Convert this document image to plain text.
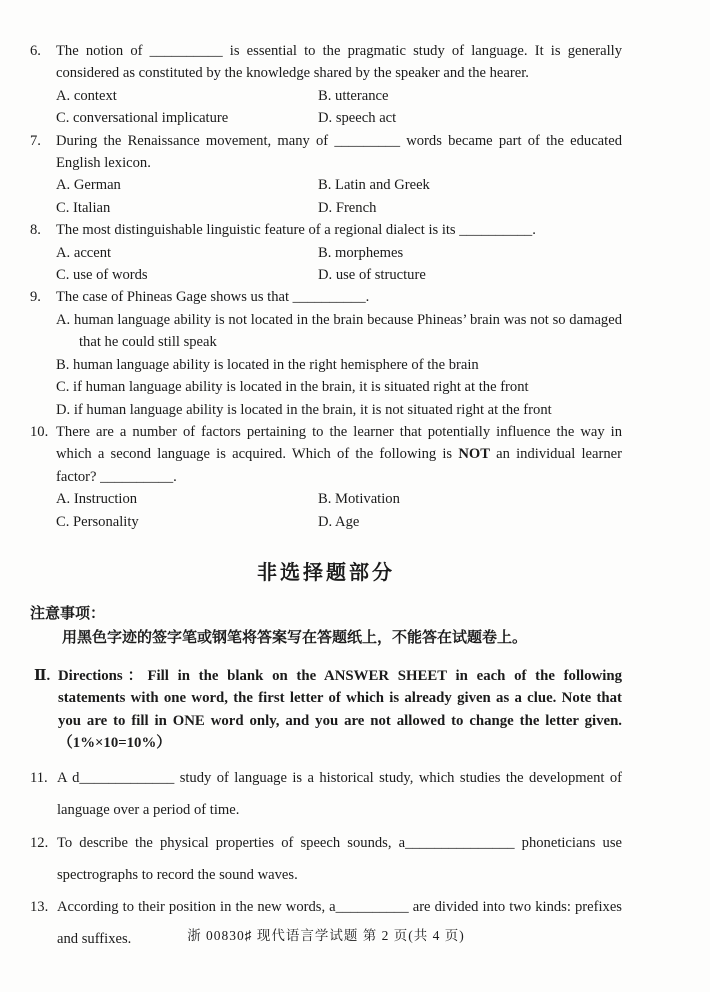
6.	The notion of __________ is essential to the pragmatic study of language. It is generally considered as constituted by the knowledge shared by the speaker and the hearer.

A. context	B. utterance
C. conversational implicature	D. speech act
7.	During the Renaissance movement, many of _________ words became part of the educated English lexicon.

A. German	B. Latin and Greek
C. Italian	D. French
8.	The most distinguishable linguistic feature of a regional dialect is its __________.

A. accent	B. morphemes
C. use of words	D. use of structure
9.	The case of Phineas Gage shows us that __________.

A. human language ability is not located in the brain because Phineas’ brain was not so damaged that he could still speak
B. human language ability is located in the right hemisphere of the brain
C. if human language ability is located in the brain, it is situated right at the front
D. if human language ability is located in the brain, it is not situated right at the front
10. There are a number of factors pertaining to the learner that potentially influence the way in which a second language is acquired. Which of the following is NOT an individual learner factor? __________.

A. Instruction	B. Motivation
C. Personality	D. Age
非选择题部分
注意事项：

用黑色字迹的签字笔或钢笔将答案写在答题纸上，不能答在试题卷上。

Ⅱ. Directions：Fill in the blank on the ANSWER SHEET in each of the following statements with one word, the first letter of which is already given as a clue. Note that you are to fill in ONE word only, and you are not allowed to change the letter given.（1%×10=10%）

11. A d_____________ study of language is a historical study, which studies the development of language over a period of time.

12. To describe the physical properties of speech sounds, a_______________ phoneticians use spectrographs to record the sound waves.

13. According to their position in the new words, a__________ are divided into two kinds: prefixes and suffixes.	浙 00830♯ 现代语言学试题 第 2 页(共 4 页)
